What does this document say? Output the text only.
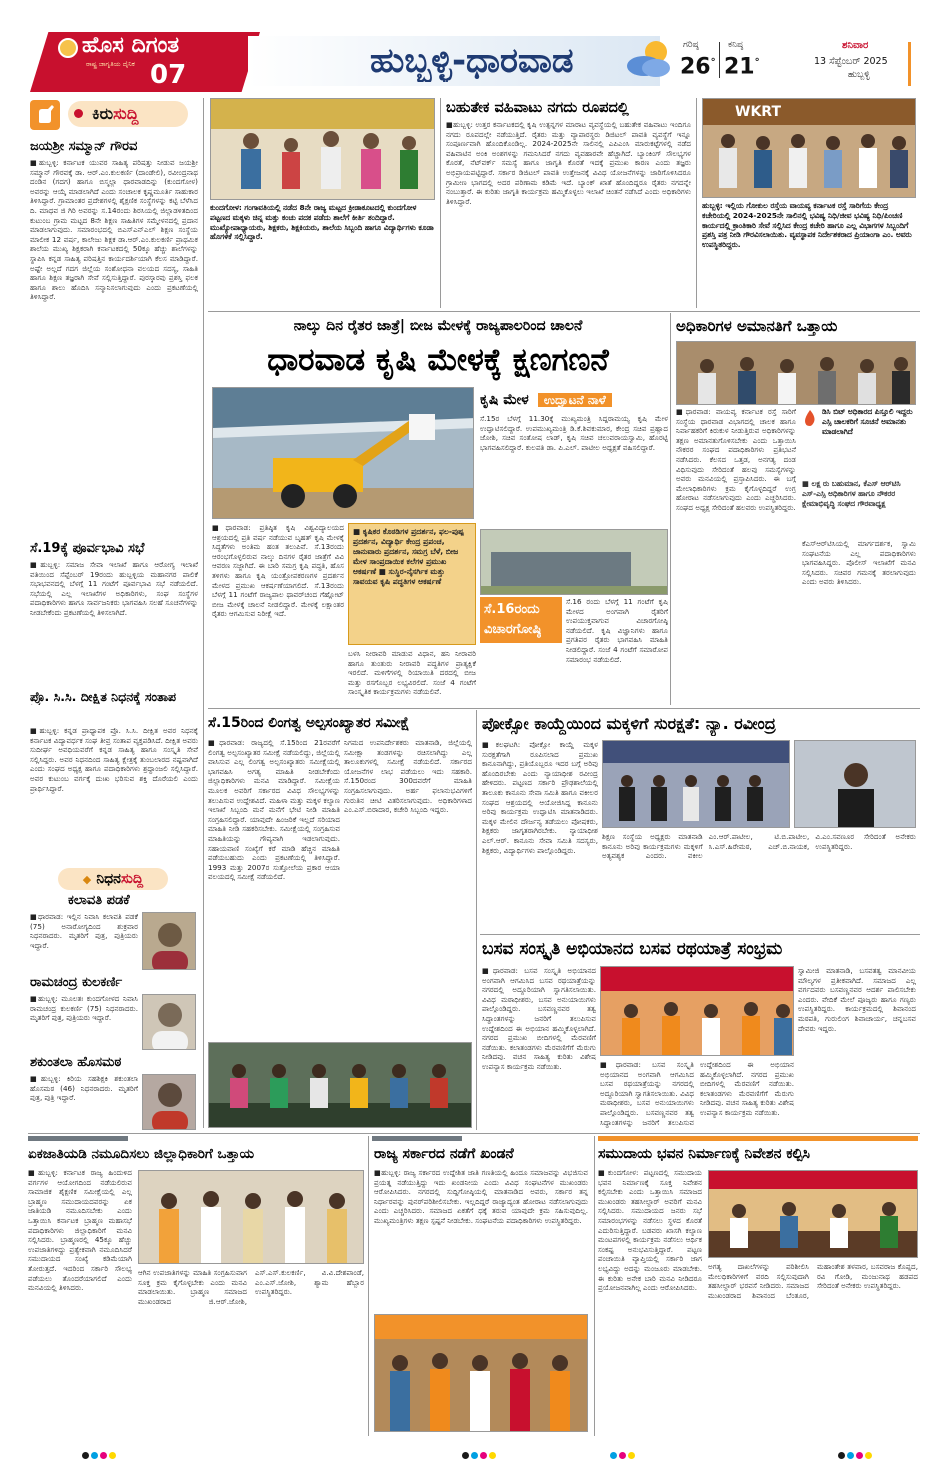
ಹೊಸ ದಿಗಂತ
ರಾಷ್ಟ್ರ ಜಾಗೃತಿಯ ದೈನಿಕ 07	ಹುಬ್ಬಳ್ಳಿ-ಧಾರವಾಡ	ಗರಿಷ್ಠ
26°
ಕನಿಷ್ಠ
21°
ಶನಿವಾರ
13 ಸೆಪ್ಟೆಂಬರ್ 2025
ಹುಬ್ಬಳ್ಳಿ
ಕಿರುಸುದ್ದಿ
ಜಯಶ್ರೀ ಸಮ್ಮಾನ್ ಗೌರವ
■ಹುಬ್ಬಳ್ಳಿ: ಕರ್ನಾಟಕ ಯುವರ ಸಾಹಿತ್ಯ ಪರಿಷತ್ತು ನೀಡುವ ಜಯಶ್ರೀ ಸಮ್ಮಾನ್ ಗೌರವಕ್ಕೆ ಡಾ. ಆರ್.ಎಂ.ಕುಲಕರ್ಣಿ (ದಾಂಡೇಲಿ), ರವೀಂದ್ರನಾಥ ದಂಡಿನ (ಗದಗ) ಹಾಗೂ ಬಿಸ್ಮಲ್ಲಾ ಧಾರವಾಡದಿನ್ನು (ಕುಂದಗೋಳ) ಅವರನ್ನು ಆಯ್ಕೆ ಮಾಡಲಾಗಿದೆ ಎಂದು ಸಂಚಾಲಕ ಕೃಷ್ಣಮೂರ್ತಿ ಸಾಹುಕಾರ ತಿಳಿಸಿದ್ದಾರೆ. ಗ್ರಾಮಾಂತರ ಪ್ರದೇಶಗಳಲ್ಲಿ ಶೈಕ್ಷಣಿಕ ಸಂಸ್ಥೆಗಳನ್ನು ಕಟ್ಟಿ ಬೆಳೆಸಿದ ದಿ. ಮಾಧವ ಜಿ ಗಿರಿ ಅವರನ್ನು ಸ.14ರಂದು ಶಿರಸಿಯಲ್ಲಿ ಜಿಲ್ಲಾಡಳಿತದಿಂದ ಕುಟುಂಬ ಗ್ರಾಮ ಮಟ್ಟದ 8ನೇ ಶಿಕ್ಷಣ ಸಾಹಿತಿಗಳ ಸಮ್ಮೇಳನದಲ್ಲಿ ಪ್ರದಾನ ಮಾಡಲಾಗುವುದು. ಸಮಾರಂಭದಲ್ಲಿ ಬಿಎಸ್‌ಎನ್‌ಎಲ್ ಶಿಕ್ಷಣ ಸಂಸ್ಥೆಯ ಮಾಲೀಕ 12 ವರ್ಷ, ಕಾಲೇಜು ಶಿಕ್ಷಕ ಡಾ.ಆರ್.ಎಂ.ಕುಲಕರ್ಣಿ ಪ್ರಾಥಮಿಕ ಶಾಲೆಯ ಮುಖ್ಯ ಶಿಕ್ಷಕರಾಗಿ ಕರ್ನಾಟಕದಲ್ಲಿ 50ಕ್ಕೂ ಹೆಚ್ಚು ಶಾಲೆಗಳನ್ನು ಸ್ಥಾಪಿಸಿ ಕನ್ನಡ ಸಾಹಿತ್ಯ ಪರಿಷತ್ತಿನ ಕಾರ್ಯದರ್ಶಿಯಾಗಿ ಕೆಲಸ ಮಾಡಿದ್ದಾರೆ. ಅಷ್ಟೇ ಅಲ್ಲದೆ ಗದಗ ಜಿಲ್ಲೆಯ ಸಂಶೋಧನಾ ವಲಯದ ಸದಸ್ಯ, ಸಾಹಿತಿ ಹಾಗೂ ಶಿಕ್ಷಣ ತಜ್ಞರಾಗಿ ಸೇವೆ ಸಲ್ಲಿಸುತ್ತಿದ್ದಾರೆ. ಪುರಸ್ಕಾರವು ಪ್ರಶಸ್ತಿ ಫಲಕ ಹಾಗೂ ಶಾಲು ಹೊದಿಸಿ ಸನ್ಮಾನಿಸಲಾಗುವುದು ಎಂದು ಪ್ರಕಟಣೆಯಲ್ಲಿ ತಿಳಿಸಿದ್ದಾರೆ.
ಸೆ.19ಕ್ಕೆ ಪೂರ್ವಭಾವಿ ಸಭೆ
■ಹುಬ್ಬಳ್ಳಿ: ಸಮಾಜ ಸೇವಾ ಇಲಾಖೆ ಹಾಗೂ ಆರೋಗ್ಯ ಇಲಾಖೆ ವತಿಯಿಂದ ಸೆಪ್ಟೆಂಬರ್ 19ರಂದು ಹುಬ್ಬಳ್ಳಿಯ ಮಹಾನಗರ ಪಾಲಿಕೆ ಸಭಾಭವನದಲ್ಲಿ ಬೆಳಗ್ಗೆ 11 ಗಂಟೆಗೆ ಪೂರ್ವಭಾವಿ ಸಭೆ ನಡೆಯಲಿದೆ. ಸಭೆಯಲ್ಲಿ ಎಲ್ಲ ಇಲಾಖೆಗಳ ಅಧಿಕಾರಿಗಳು, ಸಂಘ ಸಂಸ್ಥೆಗಳ ಪದಾಧಿಕಾರಿಗಳು ಹಾಗೂ ಸಾರ್ವಜನಿಕರು ಭಾಗವಹಿಸಿ ಸಲಹೆ ಸೂಚನೆಗಳನ್ನು ನೀಡಬೇಕೆಂದು ಪ್ರಕಟಣೆಯಲ್ಲಿ ತಿಳಿಸಲಾಗಿದೆ.
ಪ್ರೊ. ಸಿ.ಸಿ. ದೀಕ್ಷಿತ ನಿಧನಕ್ಕೆ ಸಂತಾಪ
■ಹುಬ್ಬಳ್ಳಿ: ಕನ್ನಡ ಪ್ರಾಧ್ಯಾಪಕ ಪ್ರೊ. ಸಿ.ಸಿ. ದೀಕ್ಷಿತ ಅವರ ನಿಧನಕ್ಕೆ ಕರ್ನಾಟಕ ವಿದ್ಯಾವರ್ಧಕ ಸಂಘ ತೀವ್ರ ಸಂತಾಪ ವ್ಯಕ್ತಪಡಿಸಿದೆ. ದೀಕ್ಷಿತ ಅವರು ಸುದೀರ್ಘ ಅವಧಿಯವರೆಗೆ ಕನ್ನಡ ಸಾಹಿತ್ಯ ಹಾಗೂ ಸಂಸ್ಕೃತಿ ಸೇವೆ ಸಲ್ಲಿಸಿದ್ದರು. ಅವರ ನಿಧನದಿಂದ ಸಾಹಿತ್ಯ ಕ್ಷೇತ್ರಕ್ಕೆ ತುಂಬಲಾರದ ನಷ್ಟವಾಗಿದೆ ಎಂದು ಸಂಘದ ಅಧ್ಯಕ್ಷ ಹಾಗೂ ಪದಾಧಿಕಾರಿಗಳು ಶ್ರದ್ಧಾಂಜಲಿ ಸಲ್ಲಿಸಿದ್ದಾರೆ. ಅವರ ಕುಟುಂಬ ವರ್ಗಕ್ಕೆ ದುಃಖ ಭರಿಸುವ ಶಕ್ತಿ ದೊರೆಯಲಿ ಎಂದು ಪ್ರಾರ್ಥಿಸಿದ್ದಾರೆ.
◆ ನಿಧನಸುದ್ದಿ
ಕಲಾವತಿ ಪಡಕೆ
■ಧಾರವಾಡ: ಇಲ್ಲಿನ ನಿವಾಸಿ ಕಲಾವತಿ ಪಡಕೆ (75) ಅನಾರೋಗ್ಯದಿಂದ ಶುಕ್ರವಾರ ನಿಧನರಾದರು. ಮೃತರಿಗೆ ಪುತ್ರ, ಪುತ್ರಿಯರು ಇದ್ದಾರೆ.
ರಾಮಚಂದ್ರ ಕುಲಕರ್ಣಿ
■ಹುಬ್ಬಳ್ಳಿ: ಮೂಲತಃ ಕುಂದಗೋಳದ ನಿವಾಸಿ ರಾಮಚಂದ್ರ ಕುಲಕರ್ಣಿ (75) ನಿಧನರಾದರು. ಮೃತರಿಗೆ ಪುತ್ರ, ಪುತ್ರಿಯರು ಇದ್ದಾರೆ.
ಶಕುಂತಲಾ ಹೊಸಮಠ
■ಹುಬ್ಬಳ್ಳಿ: ಕಿರಿಯ ಸಹಶಿಕ್ಷಕಿ ಶಕುಂತಲಾ ಹೊಸಮಠ (46) ನಿಧನರಾದರು. ಮೃತರಿಗೆ ಪುತ್ರ, ಪುತ್ರಿ ಇದ್ದಾರೆ.
ಕುಂದಗೋಳ: ಗಂಗಾವತಿಯಲ್ಲಿ ನಡೆದ 8ನೇ ರಾಜ್ಯ ಮಟ್ಟದ ಕ್ರೀಡಾಕೂಟದಲ್ಲಿ ಕುಂದಗೋಳ ಪಟ್ಟಣದ ಮಕ್ಕಳು ಚಿನ್ನ ಮತ್ತು ಕಂಚು ಪದಕ ಪಡೆದು ಶಾಲೆಗೆ ಕೀರ್ತಿ ತಂದಿದ್ದಾರೆ. ಮುಖ್ಯೋಪಾಧ್ಯಾಯರು, ಶಿಕ್ಷಕರು, ಶಿಕ್ಷಕಿಯರು, ಶಾಲೆಯ ಸಿಬ್ಬಂದಿ ಹಾಗೂ ವಿದ್ಯಾರ್ಥಿಗಳು ಕೂಡಾ ಹೊಗಳಿಕೆ ಸಲ್ಲಿಸಿದ್ದಾರೆ.
ಬಹುತೇಕ ವಹಿವಾಟು ನಗದು ರೂಪದಲ್ಲಿ
■ಹುಬ್ಬಳ್ಳಿ: ಉತ್ತರ ಕರ್ನಾಟಕದಲ್ಲಿ ಕೃಷಿ ಉತ್ಪನ್ನಗಳ ಮಾರಾಟ ವ್ಯವಸ್ಥೆಯಲ್ಲಿ ಬಹುತೇಕ ವಹಿವಾಟು ಇಂದಿಗೂ ನಗದು ರೂಪದಲ್ಲೇ ನಡೆಯುತ್ತಿದೆ. ರೈತರು ಮತ್ತು ವ್ಯಾಪಾರಸ್ಥರು ಡಿಜಿಟಲ್ ಪಾವತಿ ವ್ಯವಸ್ಥೆಗೆ ಇನ್ನೂ ಸಂಪೂರ್ಣವಾಗಿ ಹೊಂದಿಕೊಂಡಿಲ್ಲ. 2024-2025ನೇ ಸಾಲಿನಲ್ಲಿ ಎಪಿಎಂಸಿ ಮಾರುಕಟ್ಟೆಗಳಲ್ಲಿ ನಡೆದ ವಹಿವಾಟಿನ ಅಂಕಿ ಅಂಶಗಳನ್ನು ಗಮನಿಸಿದರೆ ನಗದು ವ್ಯವಹಾರವೇ ಹೆಚ್ಚಾಗಿದೆ. ಬ್ಯಾಂಕಿಂಗ್ ಸೌಲಭ್ಯಗಳ ಕೊರತೆ, ನೆಟ್‌ವರ್ಕ್ ಸಮಸ್ಯೆ ಹಾಗೂ ಜಾಗೃತಿ ಕೊರತೆ ಇದಕ್ಕೆ ಪ್ರಮುಖ ಕಾರಣ ಎಂದು ತಜ್ಞರು ಅಭಿಪ್ರಾಯಪಟ್ಟಿದ್ದಾರೆ. ಸರ್ಕಾರ ಡಿಜಿಟಲ್ ಪಾವತಿ ಉತ್ತೇಜನಕ್ಕೆ ವಿವಿಧ ಯೋಜನೆಗಳನ್ನು ಜಾರಿಗೊಳಿಸಿದರೂ ಗ್ರಾಮೀಣ ಭಾಗದಲ್ಲಿ ಅದರ ಪರಿಣಾಮ ಕಡಿಮೆ ಇದೆ. ಬ್ಯಾಂಕ್ ಖಾತೆ ಹೊಂದಿದ್ದರೂ ರೈತರು ನಗದನ್ನೇ ನಂಬುತ್ತಾರೆ. ಈ ಕುರಿತು ಜಾಗೃತಿ ಕಾರ್ಯಕ್ರಮ ಹಮ್ಮಿಕೊಳ್ಳಲು ಇಲಾಖೆ ಚಿಂತನೆ ನಡೆಸಿದೆ ಎಂದು ಅಧಿಕಾರಿಗಳು ತಿಳಿಸಿದ್ದಾರೆ.
WKRT
ಹುಬ್ಬಳ್ಳಿ: ಇಲ್ಲಿಯ ಗೋಕುಲ ರಸ್ತೆಯ ವಾಯವ್ಯ ಕರ್ನಾಟಕ ರಸ್ತೆ ಸಾರಿಗೆಯ ಕೇಂದ್ರ ಕಚೇರಿಯಲ್ಲಿ 2024-2025ನೇ ಸಾಲಿನಲ್ಲಿ ಭವಿಷ್ಯ ನಿಧಿ/ಜೀವ ಭವಿಷ್ಯ ನಿಧಿ/ಪಿಂಚಣಿ ಕಾರ್ಯದಲ್ಲಿ ಕ್ರಾಂತಿಕಾರಿ ಸೇವೆ ಸಲ್ಲಿಸಿದ ಕೇಂದ್ರ ಕಚೇರಿ ಹಾಗೂ ಎಲ್ಲ ವಿಭಾಗಗಳ ಸಿಬ್ಬಂದಿಗೆ ಪ್ರಶಸ್ತಿ ಪತ್ರ ನೀಡಿ ಗೌರವಿಸಲಾಯಿತು. ವ್ಯವಸ್ಥಾಪಕ ನಿರ್ದೇಶಕರಾದ ಪ್ರಿಯಾಂಗಾ ಎಂ. ಅವರು ಉಪಸ್ಥಿತರಿದ್ದರು.
ನಾಲ್ಕು ದಿನ ರೈತರ ಜಾತ್ರೆ| ಬೀಜ ಮೇಳಕ್ಕೆ ರಾಜ್ಯಪಾಲರಿಂದ ಚಾಲನೆ
ಧಾರವಾಡ ಕೃಷಿ ಮೇಳಕ್ಕೆ ಕ್ಷಣಗಣನೆ
ಕೃಷಿ ಮೇಳ ಉದ್ಘಾಟನೆ ನಾಳೆ
ಸೆ.15ರ ಬೆಳಗ್ಗೆ 11.30ಕ್ಕೆ ಮುಖ್ಯಮಂತ್ರಿ ಸಿದ್ದರಾಮಯ್ಯ ಕೃಷಿ ಮೇಳ ಉದ್ಘಾಟಿಸಲಿದ್ದಾರೆ. ಉಪಮುಖ್ಯಮಂತ್ರಿ ಡಿ.ಕೆ.ಶಿವಕುಮಾರ, ಕೇಂದ್ರ ಸಚಿವ ಪ್ರಹ್ಲಾದ ಜೋಶಿ, ಸಚಿವ ಸಂತೋಷ ಲಾಡ್, ಕೃಷಿ ಸಚಿವ ಚಲುವರಾಯಸ್ವಾಮಿ, ಹೊರಟ್ಟಿ ಭಾಗವಹಿಸಲಿದ್ದಾರೆ. ಕುಲಪತಿ ಡಾ. ಪಿ.ಎಲ್. ಪಾಟೀಲ ಅಧ್ಯಕ್ಷತೆ ವಹಿಸಲಿದ್ದಾರೆ.
■ಧಾರವಾಡ: ಪ್ರತಿಷ್ಠಿತ ಕೃಷಿ ವಿಶ್ವವಿದ್ಯಾಲಯದ ಆಶ್ರಯದಲ್ಲಿ ಪ್ರತಿ ವರ್ಷ ನಡೆಯುವ ಬೃಹತ್ ಕೃಷಿ ಮೇಳಕ್ಕೆ ಸಿದ್ಧತೆಗಳು ಅಂತಿಮ ಹಂತ ತಲುಪಿವೆ. ಸೆ.13ರಂದು ಆರಂಭಗೊಳ್ಳಲಿರುವ ನಾಲ್ಕು ದಿನಗಳ ರೈತರ ಜಾತ್ರೆಗೆ ವಿವಿ ಆವರಣ ಸಜ್ಜಾಗಿದೆ. ಈ ಬಾರಿ ಸಮಗ್ರ ಕೃಷಿ ಪದ್ಧತಿ, ಹೊಸ ತಳಿಗಳು ಹಾಗೂ ಕೃಷಿ ಯಂತ್ರೋಪಕರಣಗಳ ಪ್ರದರ್ಶನ ಮೇಳದ ಪ್ರಮುಖ ಆಕರ್ಷಣೆಯಾಗಲಿದೆ. ಸೆ.13ರಂದು ಬೆಳಗ್ಗೆ 11 ಗಂಟೆಗೆ ರಾಜ್ಯಪಾಲ ಥಾವರ್‌ಚಂದ ಗೆಹ್ಲೋಟ್ ಬೀಜ ಮೇಳಕ್ಕೆ ಚಾಲನೆ ನೀಡಲಿದ್ದಾರೆ. ಮೇಳಕ್ಕೆ ಲಕ್ಷಾಂತರ ರೈತರು ಆಗಮಿಸುವ ನಿರೀಕ್ಷೆ ಇದೆ.
■ ಕೃಷಿಕರ ಕೊಠಡಿಗಳ ಪ್ರದರ್ಶನ, ಫಲ-ಪುಷ್ಪ ಪ್ರದರ್ಶನ, ವಿದ್ಯಾರ್ಥಿ ಕೇಂದ್ರ ಪ್ರಪಂಚ, ಜಾನುವಾರು ಪ್ರದರ್ಶನ, ಸಮಗ್ರ ಬೆಳೆ, ಬೀಜ ಮೇಳ ಸಾಂಪ್ರದಾಯಿಕ ಕಲೆಗಳ ಪ್ರಮುಖ ಆಕರ್ಷಣೆ ■ ಸುಸ್ಥಿರ-ನೈಸರ್ಗಿಕ ಮತ್ತು ಸಾವಯವ ಕೃಷಿ ಪದ್ಧತಿಗಳ ಆಕರ್ಷಣೆ
ಸೆ.16ರಂದು ವಿಚಾರಗೋಷ್ಠಿ
ಸೆ.16 ರಂದು ಬೆಳಗ್ಗೆ 11 ಗಂಟೆಗೆ ಕೃಷಿ ಮೇಳದ ಅಂಗವಾಗಿ ರೈತರಿಗೆ ಉಪಯುಕ್ತವಾಗುವ ವಿಚಾರಗೋಷ್ಠಿ ನಡೆಯಲಿದೆ. ಕೃಷಿ ವಿಜ್ಞಾನಿಗಳು ಹಾಗೂ ಪ್ರಗತಿಪರ ರೈತರು ಭಾಗವಹಿಸಿ ಮಾಹಿತಿ ನೀಡಲಿದ್ದಾರೆ. ಸಂಜೆ 4 ಗಂಟೆಗೆ ಸಮಾರೋಪ ಸಮಾರಂಭ ನಡೆಯಲಿದೆ.
ಬಳಸಿ ನೀರಾವರಿ ಮಾಡುವ ವಿಧಾನ, ಹನಿ ನೀರಾವರಿ ಹಾಗೂ ತುಂತುರು ನೀರಾವರಿ ಪದ್ಧತಿಗಳ ಪ್ರಾತ್ಯಕ್ಷಿಕೆ ಇರಲಿದೆ. ಮಳಿಗೆಗಳಲ್ಲಿ ರಿಯಾಯಿತಿ ದರದಲ್ಲಿ ಬೀಜ ಮತ್ತು ರಸಗೊಬ್ಬರ ಲಭ್ಯವಿರಲಿದೆ. ಸಂಜೆ 4 ಗಂಟೆಗೆ ಸಾಂಸ್ಕೃತಿಕ ಕಾರ್ಯಕ್ರಮಗಳು ನಡೆಯಲಿವೆ.
ಅಧಿಕಾರಿಗಳ ಅಮಾನತಿಗೆ ಒತ್ತಾಯ
■ಧಾರವಾಡ: ವಾಯವ್ಯ ಕರ್ನಾಟಕ ರಸ್ತೆ ಸಾರಿಗೆ ಸಂಸ್ಥೆಯ ಧಾರವಾಡ ವಿಭಾಗದಲ್ಲಿ ಚಾಲಕ ಹಾಗೂ ನಿರ್ವಾಹಕರಿಗೆ ಕಿರುಕುಳ ನೀಡುತ್ತಿರುವ ಅಧಿಕಾರಿಗಳನ್ನು ತಕ್ಷಣ ಅಮಾನತುಗೊಳಿಸಬೇಕು ಎಂದು ಒತ್ತಾಯಿಸಿ ನೌಕರರ ಸಂಘದ ಪದಾಧಿಕಾರಿಗಳು ಪ್ರತಿಭಟನೆ ನಡೆಸಿದರು. ಕೆಲಸದ ಒತ್ತಡ, ಅನಗತ್ಯ ದಂಡ ವಿಧಿಸುವುದು ಸೇರಿದಂತೆ ಹಲವು ಸಮಸ್ಯೆಗಳನ್ನು ಅವರು ಮನವಿಯಲ್ಲಿ ಪ್ರಸ್ತಾಪಿಸಿದರು. ಈ ಬಗ್ಗೆ ಮೇಲಾಧಿಕಾರಿಗಳು ಕ್ರಮ ಕೈಗೊಳ್ಳದಿದ್ದರೆ ಉಗ್ರ ಹೋರಾಟ ನಡೆಸಲಾಗುವುದು ಎಂದು ಎಚ್ಚರಿಸಿದರು. ಸಂಘದ ಅಧ್ಯಕ್ಷ ಸೇರಿದಂತೆ ಹಲವರು ಉಪಸ್ಥಿತರಿದ್ದರು.
ಡಿಸಿ ಬಿಟ್ ಅಧಿಕಾರದ ಪಿಸ್ತೂಲಿ ಇದ್ದರು ಎಸ್ಸಿ ಚಾಲಕರಿಗೆ ಸೂಚನೆ ಅಮಾನತು ಮಾಡಲಾಗಿದೆ
■ ಲಕ್ಷ ರು ಬಹುಮಾನ, ಕೆಎಸ್ ಆರ್‌ಟಿಸಿ ಎಸ್-ಎಸ್ಸಿ ಅಧಿಕಾರಿಗಳ ಹಾಗೂ ನೌಕರರ ಕ್ಷೇಮಾಭಿವೃದ್ಧಿ ಸಂಘದ ಗೌರವಾಧ್ಯಕ್ಷ
ಕೆಎಸ್‌ಆರ್‌ಟಿಸಿಯಲ್ಲಿ ಮಾರ್ಗದರ್ಶಕ, ಸ್ವಾಮಿ ಸಂಘಟನೆಯ ಎಲ್ಲ ಪದಾಧಿಕಾರಿಗಳು ಭಾಗವಹಿಸಿದ್ದರು. ಪೊಲೀಸ್ ಇಲಾಖೆಗೆ ಮನವಿ ಸಲ್ಲಿಸಿದರು. ಸಚಿವರ ಗಮನಕ್ಕೆ ತರಲಾಗುವುದು ಎಂದು ಅವರು ತಿಳಿಸಿದರು.
ಸೆ.15ರಿಂದ ಲಿಂಗತ್ವ ಅಲ್ಪಸಂಖ್ಯಾತರ ಸಮೀಕ್ಷೆ
■ಧಾರವಾಡ: ರಾಜ್ಯದಲ್ಲಿ ಸೆ.15ರಿಂದ 21ರವರೆಗೆ ಲಿಂಗತ್ವ ಅಲ್ಪಸಂಖ್ಯಾತರ ಸಮೀಕ್ಷೆ ನಡೆಯಲಿದ್ದು, ಜಿಲ್ಲೆಯಲ್ಲಿ ವಾಸಿಸುವ ಎಲ್ಲ ಲಿಂಗತ್ವ ಅಲ್ಪಸಂಖ್ಯಾತರು ಸಮೀಕ್ಷೆಯಲ್ಲಿ ಭಾಗವಹಿಸಿ ಅಗತ್ಯ ಮಾಹಿತಿ ನೀಡಬೇಕೆಂದು ಜಿಲ್ಲಾಧಿಕಾರಿಗಳು ಮನವಿ ಮಾಡಿದ್ದಾರೆ. ಸಮೀಕ್ಷೆಯ ಮೂಲಕ ಅವರಿಗೆ ಸರ್ಕಾರದ ವಿವಿಧ ಸೌಲಭ್ಯಗಳನ್ನು ತಲುಪಿಸುವ ಉದ್ದೇಶವಿದೆ. ಮಹಿಳಾ ಮತ್ತು ಮಕ್ಕಳ ಕಲ್ಯಾಣ ಇಲಾಖೆ ಸಿಬ್ಬಂದಿ ಮನೆ ಮನೆಗೆ ಭೇಟಿ ನೀಡಿ ಮಾಹಿತಿ ಸಂಗ್ರಹಿಸಲಿದ್ದಾರೆ. ಯಾವುದೇ ಹಿಂಜರಿಕೆ ಇಲ್ಲದೆ ಸರಿಯಾದ ಮಾಹಿತಿ ನೀಡಿ ಸಹಕರಿಸಬೇಕು. ಸಮೀಕ್ಷೆಯಲ್ಲಿ ಸಂಗ್ರಹಿಸುವ ಮಾಹಿತಿಯನ್ನು ಗೌಪ್ಯವಾಗಿ ಇಡಲಾಗುವುದು. ಸಹಾಯವಾಣಿ ಸಂಖ್ಯೆಗೆ ಕರೆ ಮಾಡಿ ಹೆಚ್ಚಿನ ಮಾಹಿತಿ ಪಡೆಯಬಹುದು ಎಂದು ಪ್ರಕಟಣೆಯಲ್ಲಿ ತಿಳಿಸಿದ್ದಾರೆ. 1993 ಮತ್ತು 2007ರ ಸುತ್ತೋಲೆಯ ಪ್ರಕಾರ ಆಯಾ ವಲಯದಲ್ಲಿ ಸಮೀಕ್ಷೆ ನಡೆಯಲಿದೆ.
ನಿಗಮದ ಉಪನಿರ್ದೇಶಕರು ಮಾತನಾಡಿ, ಜಿಲ್ಲೆಯಲ್ಲಿ ಸಮೀಕ್ಷಾ ತಂಡಗಳನ್ನು ರಚಿಸಲಾಗಿದ್ದು ಎಲ್ಲ ತಾಲೂಕುಗಳಲ್ಲಿ ಸಮೀಕ್ಷೆ ನಡೆಯಲಿದೆ. ಸರ್ಕಾರದ ಯೋಜನೆಗಳ ಲಾಭ ಪಡೆಯಲು ಇದು ಸಹಕಾರಿ. ಸೆ.150ರಂದ 300ದವರೆಗೆ ಮಾಹಿತಿ ಸಂಗ್ರಹಿಸಲಾಗುವುದು. ಅರ್ಹ ಫಲಾನುಭವಿಗಳಿಗೆ ಗುರುತಿನ ಚೀಟಿ ವಿತರಿಸಲಾಗುವುದು. ಅಧಿಕಾರಿಗಳಾದ ಎಂ.ಎಸ್.ಬಿರಾದಾರ, ಕಚೇರಿ ಸಿಬ್ಬಂದಿ ಇದ್ದರು.
ಪೋಕ್ಸೋ ಕಾಯ್ದೆಯಿಂದ ಮಕ್ಕಳಿಗೆ ಸುರಕ್ಷತೆ: ನ್ಯಾ. ರವೀಂದ್ರ
■ಕಲಘಟಗಿ: ಪೋಕ್ಸೋ ಕಾಯ್ದೆ ಮಕ್ಕಳ ಸುರಕ್ಷತೆಗಾಗಿ ರೂಪಿಸಲಾದ ಪ್ರಮುಖ ಕಾನೂನಾಗಿದ್ದು, ಪ್ರತಿಯೊಬ್ಬರೂ ಇದರ ಬಗ್ಗೆ ಅರಿವು ಹೊಂದಿರಬೇಕು ಎಂದು ನ್ಯಾಯಾಧೀಶ ರವೀಂದ್ರ ಹೇಳಿದರು. ಪಟ್ಟಣದ ಸರ್ಕಾರಿ ಪ್ರೌಢಶಾಲೆಯಲ್ಲಿ ತಾಲೂಕು ಕಾನೂನು ಸೇವಾ ಸಮಿತಿ ಹಾಗೂ ವಕೀಲರ ಸಂಘದ ಆಶ್ರಯದಲ್ಲಿ ಆಯೋಜಿಸಿದ್ದ ಕಾನೂನು ಅರಿವು ಕಾರ್ಯಕ್ರಮ ಉದ್ಘಾಟಿಸಿ ಮಾತನಾಡಿದರು. ಮಕ್ಕಳ ಮೇಲಿನ ದೌರ್ಜನ್ಯ ತಡೆಯಲು ಪೋಷಕರು, ಶಿಕ್ಷಕರು ಜಾಗೃತರಾಗಿರಬೇಕು. ನ್ಯಾಯಾಧೀಶ ಎಲ್.ಆರ್. ಕಾನೂನು ಸೇವಾ ಸಮಿತಿ ಸದಸ್ಯರು, ಶಿಕ್ಷಕರು, ವಿದ್ಯಾರ್ಥಿಗಳು ಪಾಲ್ಗೊಂಡಿದ್ದರು.
ಶಿಕ್ಷಣ ಸಂಸ್ಥೆಯ ಅಧ್ಯಕ್ಷರು ಮಾತನಾಡಿ ಕಾನೂನು ಅರಿವು ಕಾರ್ಯಕ್ರಮಗಳು ಮಕ್ಕಳಿಗೆ ಅತ್ಯವಶ್ಯಕ ಎಂದರು. ವಕೀಲ ಎಂ.ಆರ್.ಪಾಟೀಲ, ಟಿ.ಬಿ.ಪಾಟೀಲ, ಸಿ.ಎಸ್.ಹಿರೇಮಠ, ಎಚ್.ಬಿ.ನಾಯಕ, ವಿ.ಎಂ.ಸವಣೂರ ಸೇರಿದಂತೆ ಅನೇಕರು ಉಪಸ್ಥಿತರಿದ್ದರು.
ಬಸವ ಸಂಸ್ಕೃತಿ ಅಭಿಯಾನದ ಬಸವ ರಥಯಾತ್ರೆ ಸಂಭ್ರಮ
■ಧಾರವಾಡ: ಬಸವ ಸಂಸ್ಕೃತಿ ಅಭಿಯಾನದ ಅಂಗವಾಗಿ ಆಗಮಿಸಿದ ಬಸವ ರಥಯಾತ್ರೆಯನ್ನು ನಗರದಲ್ಲಿ ಅದ್ದೂರಿಯಾಗಿ ಸ್ವಾಗತಿಸಲಾಯಿತು. ವಿವಿಧ ಮಠಾಧೀಶರು, ಬಸವ ಅನುಯಾಯಿಗಳು ಪಾಲ್ಗೊಂಡಿದ್ದರು. ಬಸವಣ್ಣನವರ ತತ್ವ ಸಿದ್ಧಾಂತಗಳನ್ನು ಜನರಿಗೆ ತಲುಪಿಸುವ ಉದ್ದೇಶದಿಂದ ಈ ಅಭಿಯಾನ ಹಮ್ಮಿಕೊಳ್ಳಲಾಗಿದೆ. ನಗರದ ಪ್ರಮುಖ ಬೀದಿಗಳಲ್ಲಿ ಮೆರವಣಿಗೆ ನಡೆಯಿತು. ಕಲಾತಂಡಗಳು ಮೆರವಣಿಗೆಗೆ ಮೆರುಗು ನೀಡಿದವು. ವಚನ ಸಾಹಿತ್ಯ ಕುರಿತು ವಿಶೇಷ ಉಪನ್ಯಾಸ ಕಾರ್ಯಕ್ರಮ ನಡೆಯಿತು.
ಸ್ವಾಮೀಜಿ ಮಾತನಾಡಿ, ಬಸವತತ್ವ ಮಾನವೀಯ ಮೌಲ್ಯಗಳ ಪ್ರತೀಕವಾಗಿದೆ. ಸಮಾಜದ ಎಲ್ಲ ವರ್ಗದವರು ಬಸವಣ್ಣನವರ ಆದರ್ಶ ಪಾಲಿಸಬೇಕು ಎಂದರು. ವೇದಿಕೆ ಮೇಲೆ ಪೂಜ್ಯರು ಹಾಗೂ ಗಣ್ಯರು ಉಪಸ್ಥಿತರಿದ್ದರು. ಕಾರ್ಯಕ್ರಮದಲ್ಲಿ ಶಿವಾನಂದ ಮಠಪತಿ, ಗುರುಲಿಂಗ ಶಿವಾಚಾರ್ಯ, ಚನ್ನಬಸವ ದೇವರು ಇದ್ದರು.
■ಧಾರವಾಡ: ಬಸವ ಸಂಸ್ಕೃತಿ ಅಭಿಯಾನದ ಅಂಗವಾಗಿ ಆಗಮಿಸಿದ ಬಸವ ರಥಯಾತ್ರೆಯನ್ನು ನಗರದಲ್ಲಿ ಅದ್ದೂರಿಯಾಗಿ ಸ್ವಾಗತಿಸಲಾಯಿತು. ವಿವಿಧ ಮಠಾಧೀಶರು, ಬಸವ ಅನುಯಾಯಿಗಳು ಪಾಲ್ಗೊಂಡಿದ್ದರು. ಬಸವಣ್ಣನವರ ತತ್ವ ಸಿದ್ಧಾಂತಗಳನ್ನು ಜನರಿಗೆ ತಲುಪಿಸುವ ಉದ್ದೇಶದಿಂದ ಈ ಅಭಿಯಾನ ಹಮ್ಮಿಕೊಳ್ಳಲಾಗಿದೆ. ನಗರದ ಪ್ರಮುಖ ಬೀದಿಗಳಲ್ಲಿ ಮೆರವಣಿಗೆ ನಡೆಯಿತು. ಕಲಾತಂಡಗಳು ಮೆರವಣಿಗೆಗೆ ಮೆರುಗು ನೀಡಿದವು. ವಚನ ಸಾಹಿತ್ಯ ಕುರಿತು ವಿಶೇಷ ಉಪನ್ಯಾಸ ಕಾರ್ಯಕ್ರಮ ನಡೆಯಿತು.
ಏಕಜಾತಿಯಡಿ ನಮೂದಿಸಲು ಜಿಲ್ಲಾಧಿಕಾರಿಗೆ ಒತ್ತಾಯ
■ಹುಬ್ಬಳ್ಳಿ: ಕರ್ನಾಟಕ ರಾಜ್ಯ ಹಿಂದುಳಿದ ವರ್ಗಗಳ ಆಯೋಗದಿಂದ ನಡೆಯಲಿರುವ ಸಾಮಾಜಿಕ ಶೈಕ್ಷಣಿಕ ಸಮೀಕ್ಷೆಯಲ್ಲಿ ಎಲ್ಲ ಬ್ರಾಹ್ಮಣ ಸಮುದಾಯದವರನ್ನು ಏಕ ಜಾತಿಯಡಿ ನಮೂದಿಸಬೇಕು ಎಂದು ಒತ್ತಾಯಿಸಿ ಕರ್ನಾಟಕ ಬ್ರಾಹ್ಮಣ ಮಹಾಸಭೆ ಪದಾಧಿಕಾರಿಗಳು ಜಿಲ್ಲಾಧಿಕಾರಿಗೆ ಮನವಿ ಸಲ್ಲಿಸಿದರು. ಬ್ರಾಹ್ಮಣರಲ್ಲಿ 45ಕ್ಕೂ ಹೆಚ್ಚು ಉಪಜಾತಿಗಳಿದ್ದು ಪ್ರತ್ಯೇಕವಾಗಿ ನಮೂದಿಸಿದರೆ ಸಮುದಾಯದ ಸಂಖ್ಯೆ ಕಡಿಮೆಯಾಗಿ ತೋರುತ್ತದೆ. ಇದರಿಂದ ಸರ್ಕಾರಿ ಸೌಲಭ್ಯ ಪಡೆಯಲು ತೊಂದರೆಯಾಗಲಿದೆ ಎಂದು ಮನವಿಯಲ್ಲಿ ತಿಳಿಸಿದರು.
ಆಗಿನ ಉಪಜಾತಿಗಳನ್ನು ಮಾಹಿತಿ ಸಂಗ್ರಹಿಸುವಾಗ ಸೂಕ್ತ ಕ್ರಮ ಕೈಗೊಳ್ಳಬೇಕು ಎಂದು ಮನವಿ ಮಾಡಲಾಯಿತು. ಬ್ರಾಹ್ಮಣ ಸಮಾಜದ ಮುಖಂಡರಾದ ಜಿ.ಆರ್.ಜೋಶಿ, ಎಸ್.ಎಸ್.ಕುಲಕರ್ಣಿ, ವಿ.ವಿ.ದೇಶಪಾಂಡೆ, ಎಂ.ಎಸ್.ಜೋಶಿ, ಶ್ಯಾಮ ಹೆಬ್ಬಾರ ಉಪಸ್ಥಿತರಿದ್ದರು.
ರಾಜ್ಯ ಸರ್ಕಾರದ ನಡೆಗೆ ಖಂಡನೆ
■ಹುಬ್ಬಳ್ಳಿ: ರಾಜ್ಯ ಸರ್ಕಾರದ ಉದ್ದೇಶಿತ ಜಾತಿ ಗಣತಿಯಲ್ಲಿ ಹಿಂದೂ ಸಮಾಜವನ್ನು ವಿಭಜಿಸುವ ಪ್ರಯತ್ನ ನಡೆಯುತ್ತಿದ್ದು ಇದು ಖಂಡನೀಯ ಎಂದು ವಿವಿಧ ಸಂಘಟನೆಗಳ ಮುಖಂಡರು ಆರೋಪಿಸಿದರು. ನಗರದಲ್ಲಿ ಸುದ್ದಿಗೋಷ್ಠಿಯಲ್ಲಿ ಮಾತನಾಡಿದ ಅವರು, ಸರ್ಕಾರ ತನ್ನ ನಿರ್ಧಾರವನ್ನು ಪುನರ್‌ಪರಿಶೀಲಿಸಬೇಕು. ಇಲ್ಲದಿದ್ದರೆ ರಾಜ್ಯಾದ್ಯಂತ ಹೋರಾಟ ನಡೆಸಲಾಗುವುದು ಎಂದು ಎಚ್ಚರಿಸಿದರು. ಸಮಾಜದ ಏಕತೆಗೆ ಧಕ್ಕೆ ತರುವ ಯಾವುದೇ ಕ್ರಮ ಸಹಿಸುವುದಿಲ್ಲ. ಮುಖ್ಯಮಂತ್ರಿಗಳು ತಕ್ಷಣ ಸ್ಪಷ್ಟನೆ ನೀಡಬೇಕು. ಸಂಘಟನೆಯ ಪದಾಧಿಕಾರಿಗಳು ಉಪಸ್ಥಿತರಿದ್ದರು.
ಸಮುದಾಯ ಭವನ ನಿರ್ಮಾಣಕ್ಕೆ ನಿವೇಶನ ಕಲ್ಪಿಸಿ
■ಕುಂದಗೋಳ: ಪಟ್ಟಣದಲ್ಲಿ ಸಮುದಾಯ ಭವನ ನಿರ್ಮಾಣಕ್ಕೆ ಸೂಕ್ತ ನಿವೇಶನ ಕಲ್ಪಿಸಬೇಕು ಎಂದು ಒತ್ತಾಯಿಸಿ ಸಮಾಜದ ಮುಖಂಡರು ತಹಸೀಲ್ದಾರ್ ಅವರಿಗೆ ಮನವಿ ಸಲ್ಲಿಸಿದರು. ಸಮುದಾಯದ ಜನರು ಸಭೆ ಸಮಾರಂಭಗಳನ್ನು ನಡೆಸಲು ಸ್ಥಳದ ಕೊರತೆ ಎದುರಿಸುತ್ತಿದ್ದಾರೆ. ಬಡವರು ಖಾಸಗಿ ಕಲ್ಯಾಣ ಮಂಟಪಗಳಲ್ಲಿ ಕಾರ್ಯಕ್ರಮ ನಡೆಸಲು ಆರ್ಥಿಕ ಸಂಕಷ್ಟ ಅನುಭವಿಸುತ್ತಿದ್ದಾರೆ. ಪಟ್ಟಣ ಪಂಚಾಯಿತಿ ವ್ಯಾಪ್ತಿಯಲ್ಲಿ ಸರ್ಕಾರಿ ಜಾಗ ಲಭ್ಯವಿದ್ದು ಅದನ್ನು ಮಂಜೂರು ಮಾಡಬೇಕು. ಈ ಕುರಿತು ಅನೇಕ ಬಾರಿ ಮನವಿ ನೀಡಿದರೂ ಪ್ರಯೋಜನವಾಗಿಲ್ಲ ಎಂದು ಆರೋಪಿಸಿದರು.
ಅಗತ್ಯ ದಾಖಲೆಗಳನ್ನು ಪರಿಶೀಲಿಸಿ ಮೇಲಧಿಕಾರಿಗಳಿಗೆ ವರದಿ ಸಲ್ಲಿಸುವುದಾಗಿ ತಹಸೀಲ್ದಾರ್ ಭರವಸೆ ನೀಡಿದರು. ಸಮಾಜದ ಮುಖಂಡರಾದ ಶಿವಾನಂದ ಬೆಂತೂರ, ಮಹಾಂತೇಶ ತಳವಾರ, ಬಸವರಾಜ ಕೊಪ್ಪದ, ರವಿ ಗೋಡಿ, ಮಂಜುನಾಥ ಹಡಪದ ಸೇರಿದಂತೆ ಅನೇಕರು ಉಪಸ್ಥಿತರಿದ್ದರು.
